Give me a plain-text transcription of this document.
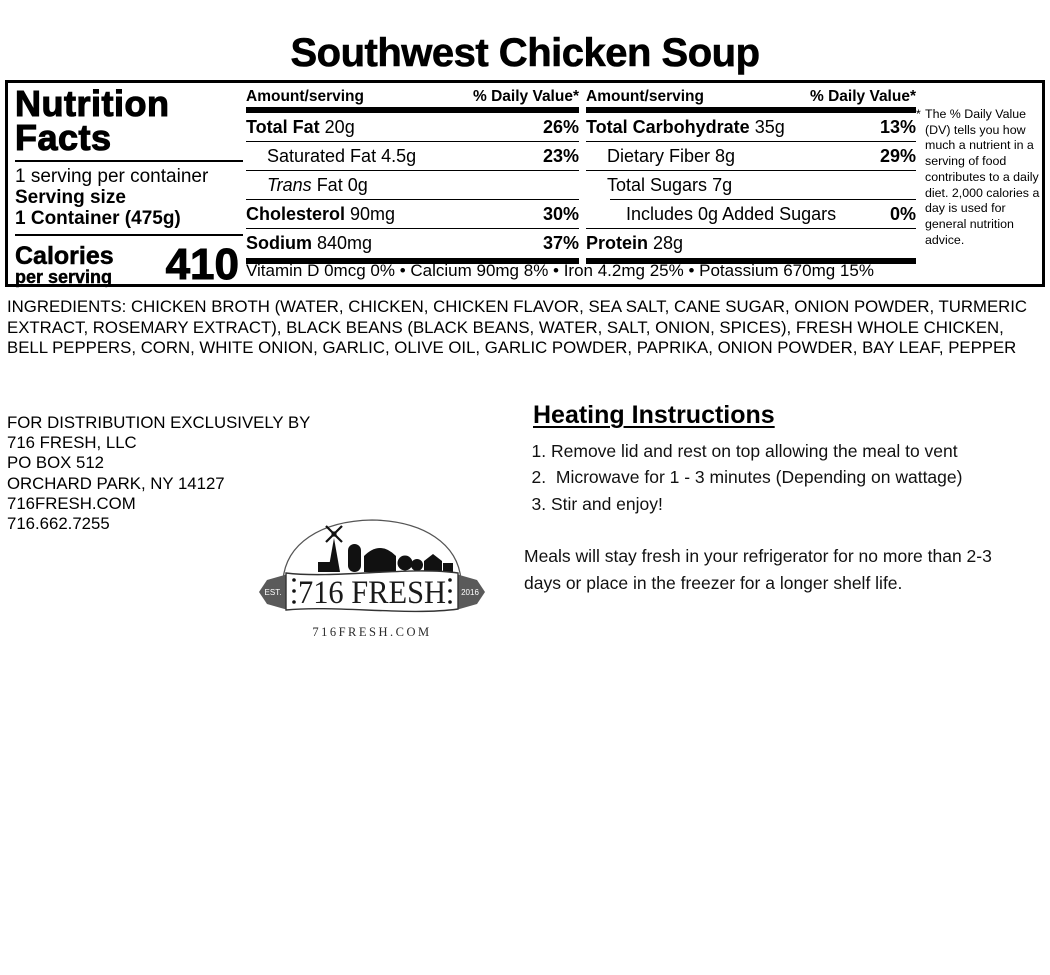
Southwest Chicken Soup
Nutrition
Facts
1 serving per container
Serving size
1 Container (475g)
Calories
per serving 410
Amount/serving	% Daily Value*
Total Fat 20g	26%
Saturated Fat 4.5g	23%
Trans Fat 0g
Cholesterol 90mg	30%
Sodium 840mg	37%
Amount/serving	% Daily Value*
Total Carbohydrate 35g	13%
Dietary Fiber 8g	29%
Total Sugars 7g
Includes 0g Added Sugars	0%
Protein 28g
Vitamin D 0mcg 0% • Calcium 90mg 8% • Iron 4.2mg 25% • Potassium 670mg 15%
* The % Daily Value (DV) tells you how much a nutrient in a serving of food contributes to a daily diet. 2,000 calories a day is used for general nutrition advice.

INGREDIENTS: CHICKEN BROTH (WATER, CHICKEN, CHICKEN FLAVOR, SEA SALT, CANE SUGAR, ONION POWDER, TURMERIC EXTRACT, ROSEMARY EXTRACT), BLACK BEANS (BLACK BEANS, WATER, SALT, ONION, SPICES), FRESH WHOLE CHICKEN, BELL PEPPERS, CORN, WHITE ONION, GARLIC, OLIVE OIL, GARLIC POWDER, PAPRIKA, ONION POWDER, BAY LEAF, PEPPER

FOR DISTRIBUTION EXCLUSIVELY BY
716 FRESH, LLC
PO BOX 512
ORCHARD PARK, NY 14127
716FRESH.COM
716.662.7255
EST.	2016
716 FRESH
716FRESH.COM
Heating Instructions
1. Remove lid and rest on top allowing the meal to vent
2.  Microwave for 1 - 3 minutes (Depending on wattage)
3. Stir and enjoy!

Meals will stay fresh in your refrigerator for no more than 2-3 days or place in the freezer for a longer shelf life.
